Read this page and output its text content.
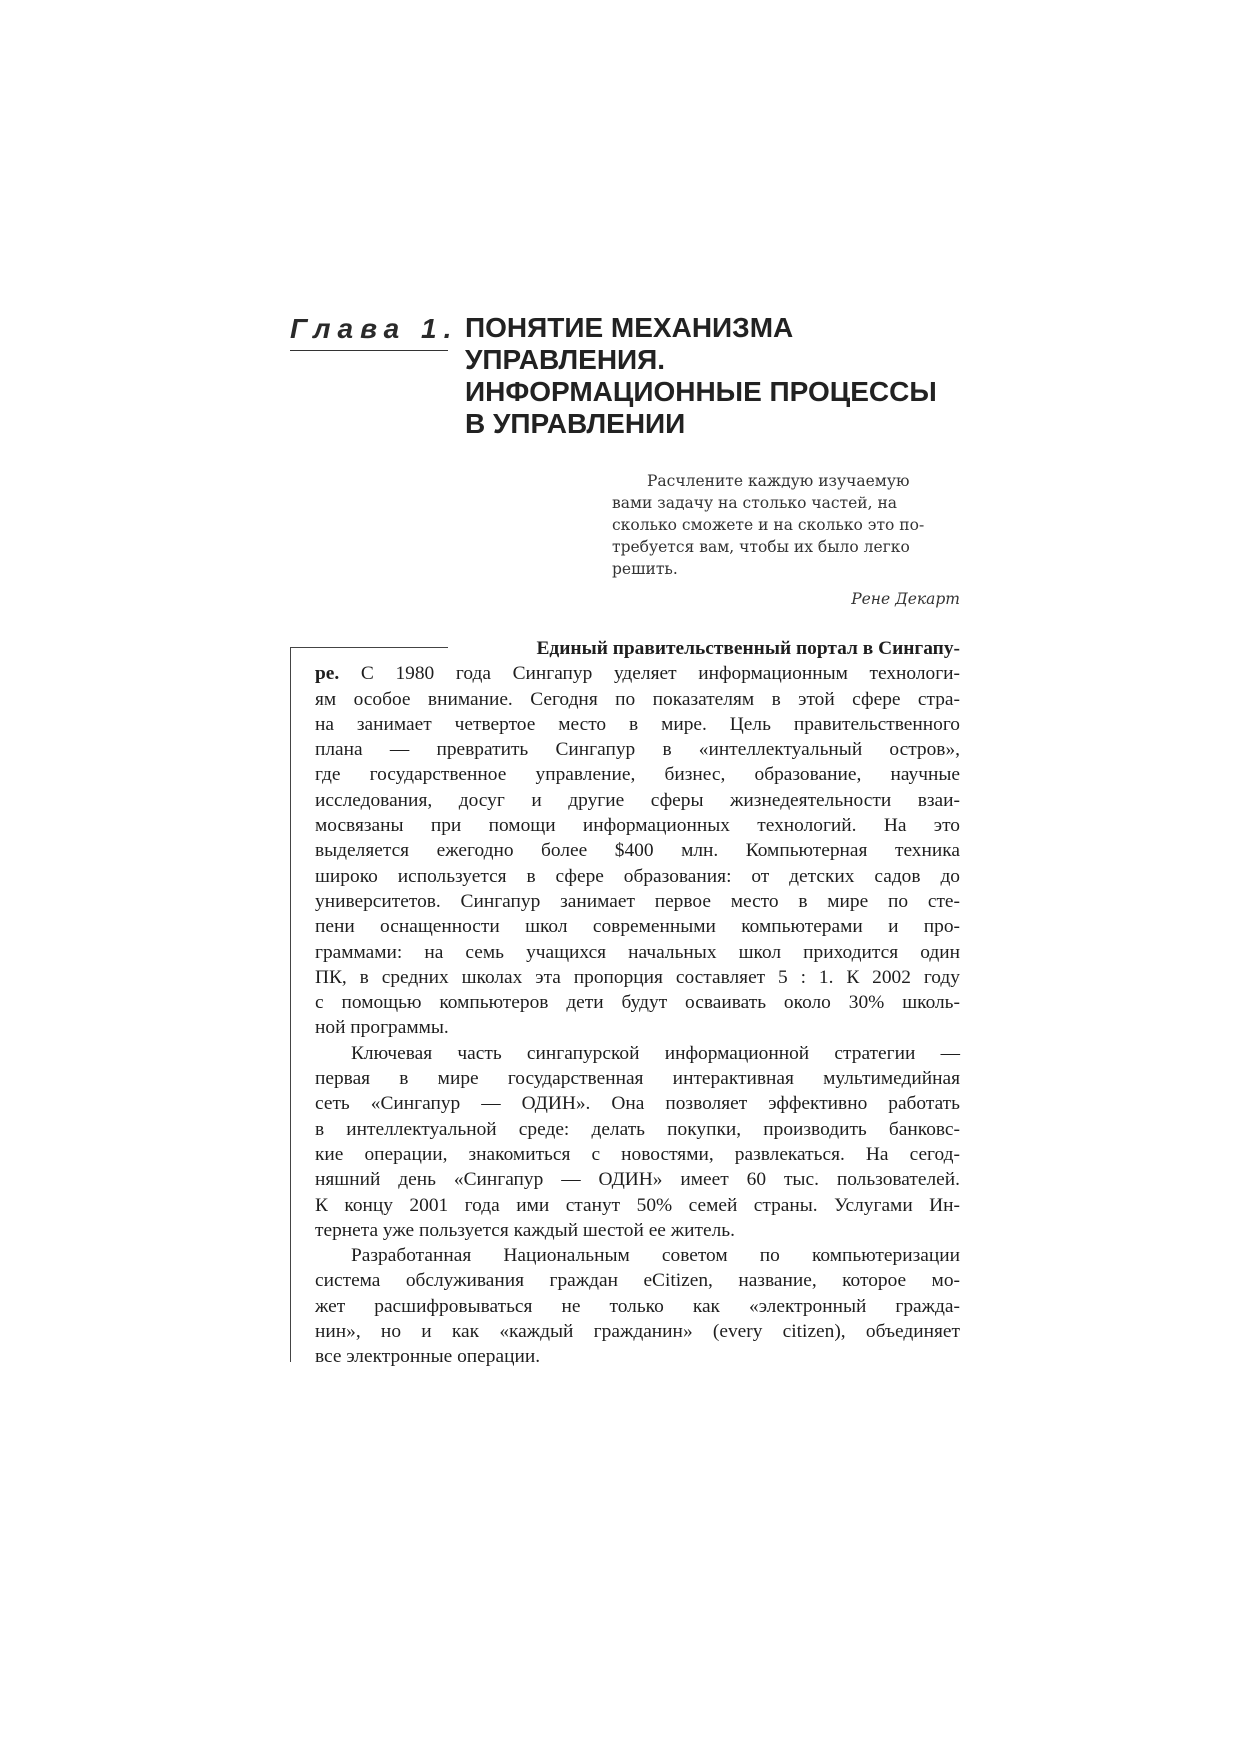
Глава 1. ПОНЯТИЕ МЕХАНИЗМА
УПРАВЛЕНИЯ.
ИНФОРМАЦИОННЫЕ ПРОЦЕССЫ
В УПРАВЛЕНИИ
Расчлените каждую изучаемую
вами задачу на столько частей, на
сколько сможете и на сколько это по-
требуется вам, чтобы их было легко
решить.
Рене Декарт
Единый правительственный портал в Сингапу-
ре. С 1980 года Сингапур уделяет информационным технологи-
ям особое внимание. Сегодня по показателям в этой сфере стра-
на занимает четвертое место в мире. Цель правительственного
плана — превратить Сингапур в «интеллектуальный остров»,
где государственное управление, бизнес, образование, научные
исследования, досуг и другие сферы жизнедеятельности взаи-
мосвязаны при помощи информационных технологий. На это
выделяется ежегодно более $400 млн. Компьютерная техника
широко используется в сфере образования: от детских садов до
университетов. Сингапур занимает первое место в мире по сте-
пени оснащенности школ современными компьютерами и про-
граммами: на семь учащихся начальных школ приходится один
ПК, в средних школах эта пропорция составляет 5 : 1. К 2002 году
с помощью компьютеров дети будут осваивать около 30% школь-
ной программы.
Ключевая часть сингапурской информационной стратегии —
первая в мире государственная интерактивная мультимедийная
сеть «Сингапур — ОДИН». Она позволяет эффективно работать
в интеллектуальной среде: делать покупки, производить банковс-
кие операции, знакомиться с новостями, развлекаться. На сегод-
няшний день «Сингапур — ОДИН» имеет 60 тыс. пользователей.
К концу 2001 года ими станут 50% семей страны. Услугами Ин-
тернета уже пользуется каждый шестой ее житель.
Разработанная Национальным советом по компьютеризации
система обслуживания граждан eCitizen, название, которое мо-
жет расшифровываться не только как «электронный гражда-
нин», но и как «каждый гражданин» (every citizen), объединяет
все электронные операции.
